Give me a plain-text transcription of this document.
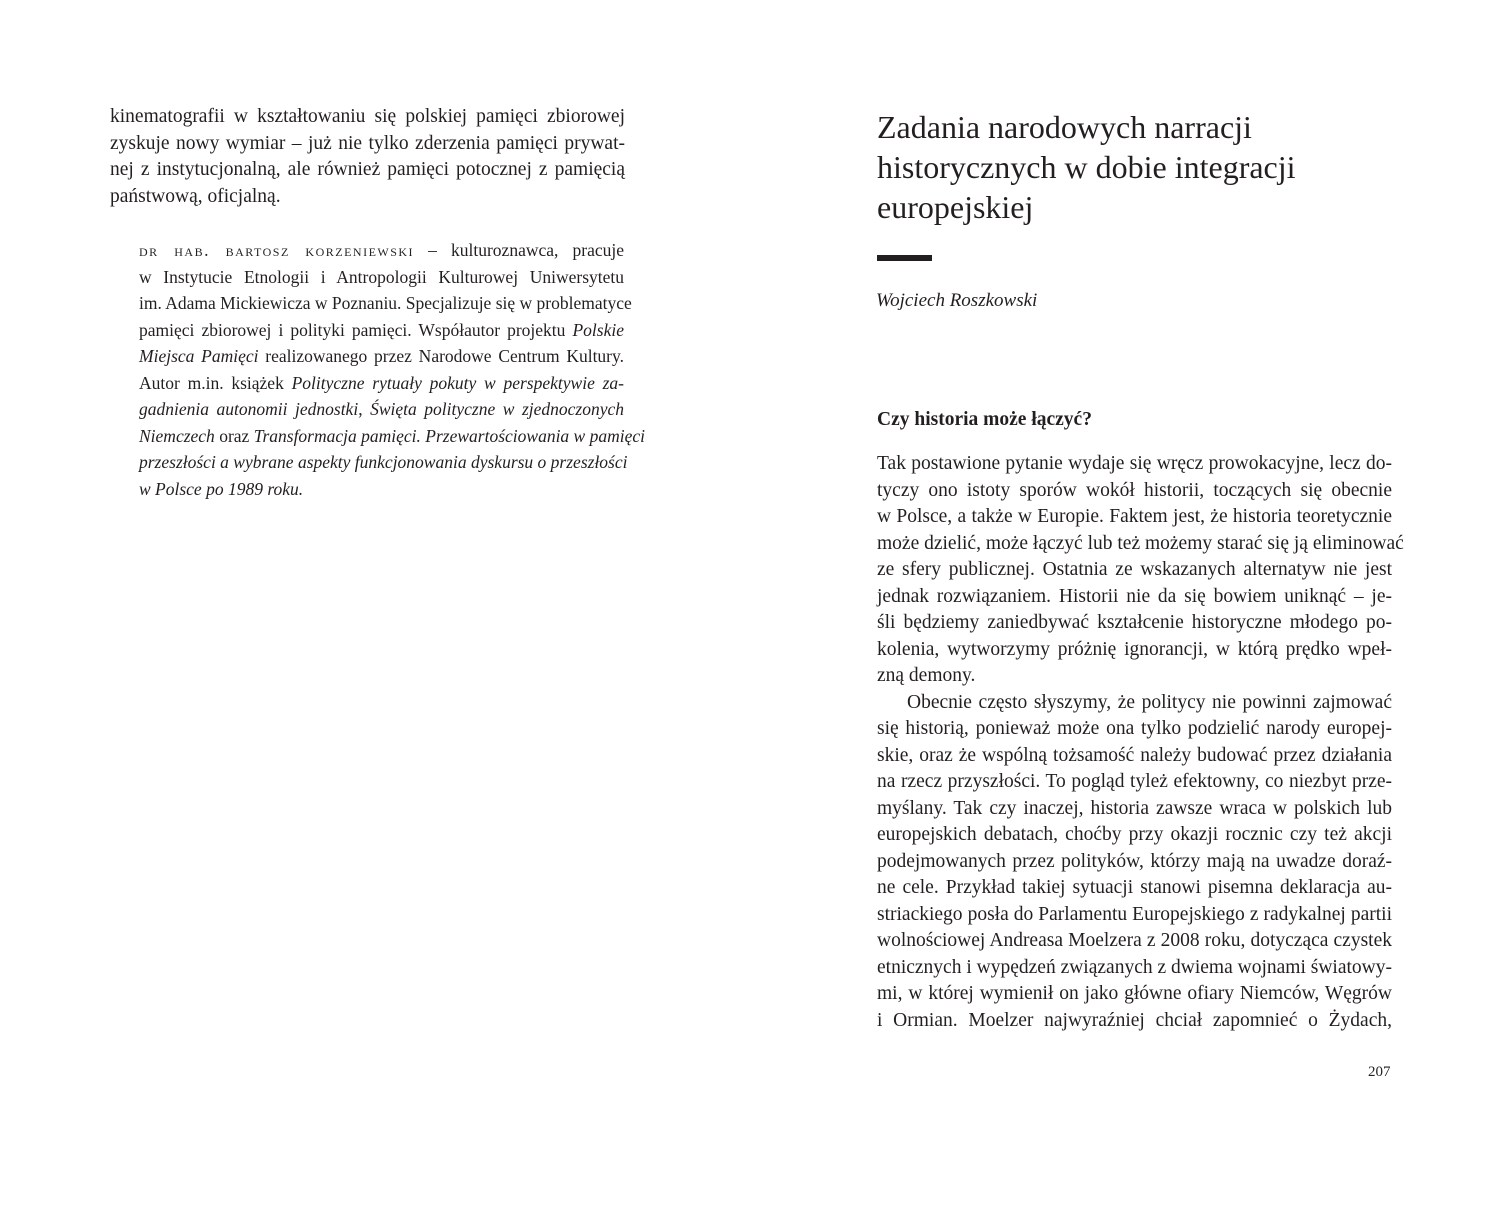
kinematografii w kształtowaniu się polskiej pamięci zbiorowej
zyskuje nowy wymiar – już nie tylko zderzenia pamięci prywat-
nej z instytucjonalną, ale również pamięci potocznej z pamięcią
państwową, oficjalną.
dr hab. bartosz korzeniewski – kulturoznawca, pracuje
w Instytucie Etnologii i Antropologii Kulturowej Uniwersytetu
im. Adama Mickiewicza w Poznaniu. Specjalizuje się w problematyce
pamięci zbiorowej i polityki pamięci. Współautor projektu Polskie
Miejsca Pamięci realizowanego przez Narodowe Centrum Kultury.
Autor m.in. książek Polityczne rytuały pokuty w perspektywie za-
gadnienia autonomii jednostki, Święta polityczne w zjednoczonych
Niemczech oraz Transformacja pamięci. Przewartościowania w pamięci
przeszłości a wybrane aspekty funkcjonowania dyskursu o przeszłości
w Polsce po 1989 roku.
Zadania narodowych narracji
historycznych w dobie integracji
europejskiej
Wojciech Roszkowski
Czy historia może łączyć?
Tak postawione pytanie wydaje się wręcz prowokacyjne, lecz do-
tyczy ono istoty sporów wokół historii, toczących się obecnie
w Polsce, a także w Europie. Faktem jest, że historia teoretycznie
może dzielić, może łączyć lub też możemy starać się ją eliminować
ze sfery publicznej. Ostatnia ze wskazanych alternatyw nie jest
jednak rozwiązaniem. Historii nie da się bowiem uniknąć – je-
śli będziemy zaniedbywać kształcenie historyczne młodego po-
kolenia, wytworzymy próżnię ignorancji, w którą prędko wpeł-
zną demony.
Obecnie często słyszymy, że politycy nie powinni zajmować
się historią, ponieważ może ona tylko podzielić narody europej-
skie, oraz że wspólną tożsamość należy budować przez działania
na rzecz przyszłości. To pogląd tyleż efektowny, co niezbyt prze-
myślany. Tak czy inaczej, historia zawsze wraca w polskich lub
europejskich debatach, choćby przy okazji rocznic czy też akcji
podejmowanych przez polityków, którzy mają na uwadze doraź-
ne cele. Przykład takiej sytuacji stanowi pisemna deklaracja au-
striackiego posła do Parlamentu Europejskiego z radykalnej partii
wolnościowej Andreasa Moelzera z 2008 roku, dotycząca czystek
etnicznych i wypędzeń związanych z dwiema wojnami światowy-
mi, w której wymienił on jako główne ofiary Niemców, Węgrów
i Ormian. Moelzer najwyraźniej chciał zapomnieć o Żydach,
207
